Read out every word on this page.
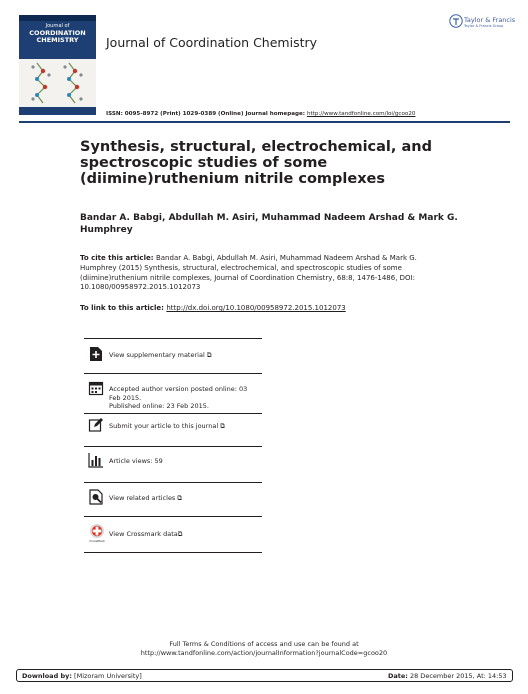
Journal of
COORDINATION
CHEMISTRY	Journal of Coordination Chemistry
Taylor & Francis
Taylor & Francis Group
ISSN: 0095-8972 (Print) 1029-0389 (Online) Journal homepage: http://www.tandfonline.com/loi/gcoo20
Synthesis, structural, electrochemical, and spectroscopic studies of some (diimine)ruthenium nitrile complexes
Bandar A. Babgi, Abdullah M. Asiri, Muhammad Nadeem Arshad & Mark G. Humphrey
To cite this article: Bandar A. Babgi, Abdullah M. Asiri, Muhammad Nadeem Arshad & Mark G. Humphrey (2015) Synthesis, structural, electrochemical, and spectroscopic studies of some (diimine)ruthenium nitrile complexes, Journal of Coordination Chemistry, 68:8, 1476-1486, DOI: 10.1080/00958972.2015.1012073
To link to this article: http://dx.doi.org/10.1080/00958972.2015.1012073
View supplementary material ⧉
Accepted author version posted online: 03
Feb 2015.
Published online: 23 Feb 2015.
Submit your article to this journal ⧉
Article views: 59
View related articles ⧉
CrossMark
View Crossmark data⧉
Full Terms & Conditions of access and use can be found at
http://www.tandfonline.com/action/journalInformation?journalCode=gcoo20
Download by: [Mizoram University]	Date: 28 December 2015, At: 14:53
